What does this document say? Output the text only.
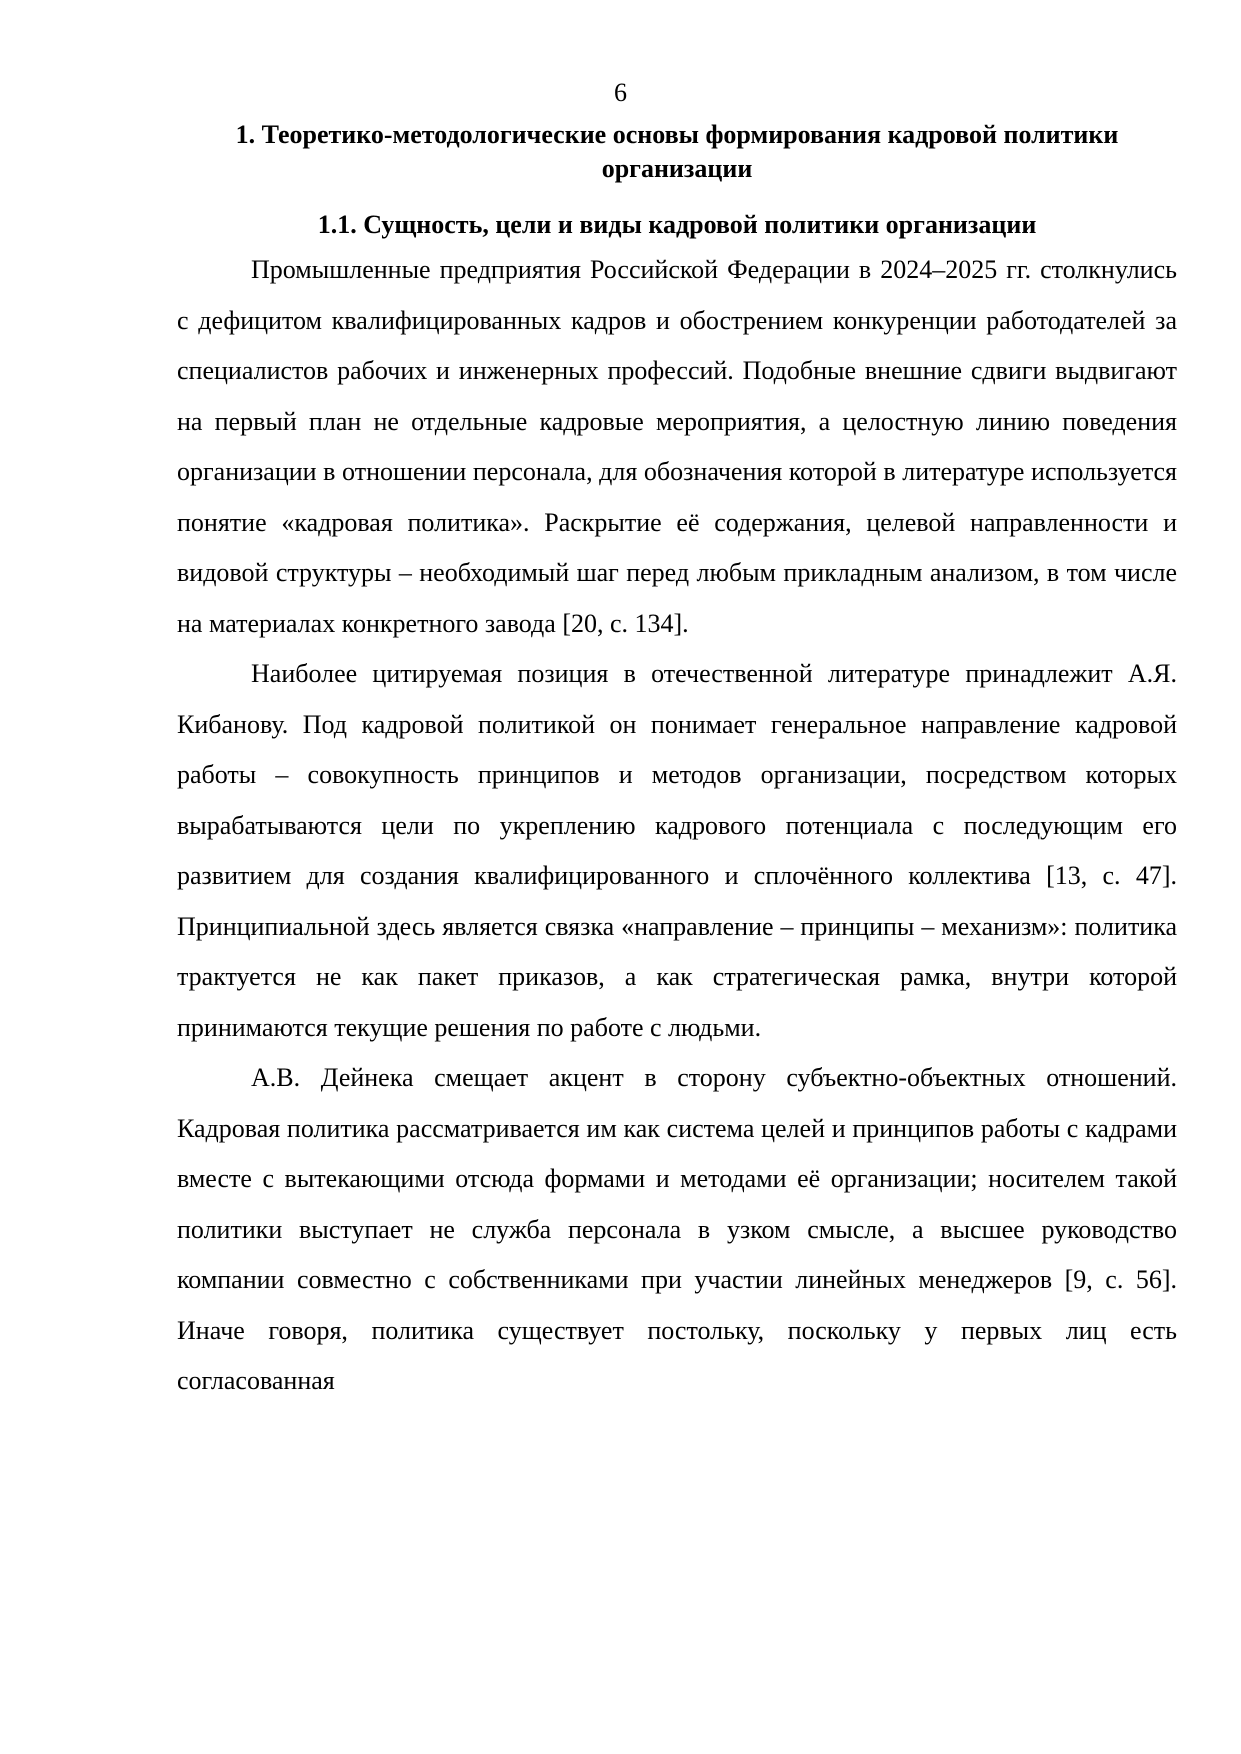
6

1. Теоретико-методологические основы формирования кадровой политики организации
1.1. Сущность, цели и виды кадровой политики организации

Промышленные предприятия Российской Федерации в 2024–2025 гг. столкнулись с дефицитом квалифицированных кадров и обострением конкуренции работодателей за специалистов рабочих и инженерных профессий. Подобные внешние сдвиги выдвигают на первый план не отдельные кадровые мероприятия, а целостную линию поведения организации в отношении персонала, для обозначения которой в литературе используется понятие «кадровая политика». Раскрытие её содержания, целевой направленности и видовой структуры – необходимый шаг перед любым прикладным анализом, в том числе на материалах конкретного завода [20, с. 134].

Наиболее цитируемая позиция в отечественной литературе принадлежит А.Я. Кибанову. Под кадровой политикой он понимает генеральное направление кадровой работы – совокупность принципов и методов организации, посредством которых вырабатываются цели по укреплению кадрового потенциала с последующим его развитием для создания квалифицированного и сплочённого коллектива [13, с. 47]. Принципиальной здесь является связка «направление – принципы – механизм»: политика трактуется не как пакет приказов, а как стратегическая рамка, внутри которой принимаются текущие решения по работе с людьми.

А.В. Дейнека смещает акцент в сторону субъектно-объектных отношений. Кадровая политика рассматривается им как система целей и принципов работы с кадрами вместе с вытекающими отсюда формами и методами её организации; носителем такой политики выступает не служба персонала в узком смысле, а высшее руководство компании совместно с собственниками при участии линейных менеджеров [9, с. 56]. Иначе говоря, политика существует постольку, поскольку у первых лиц есть согласованная
